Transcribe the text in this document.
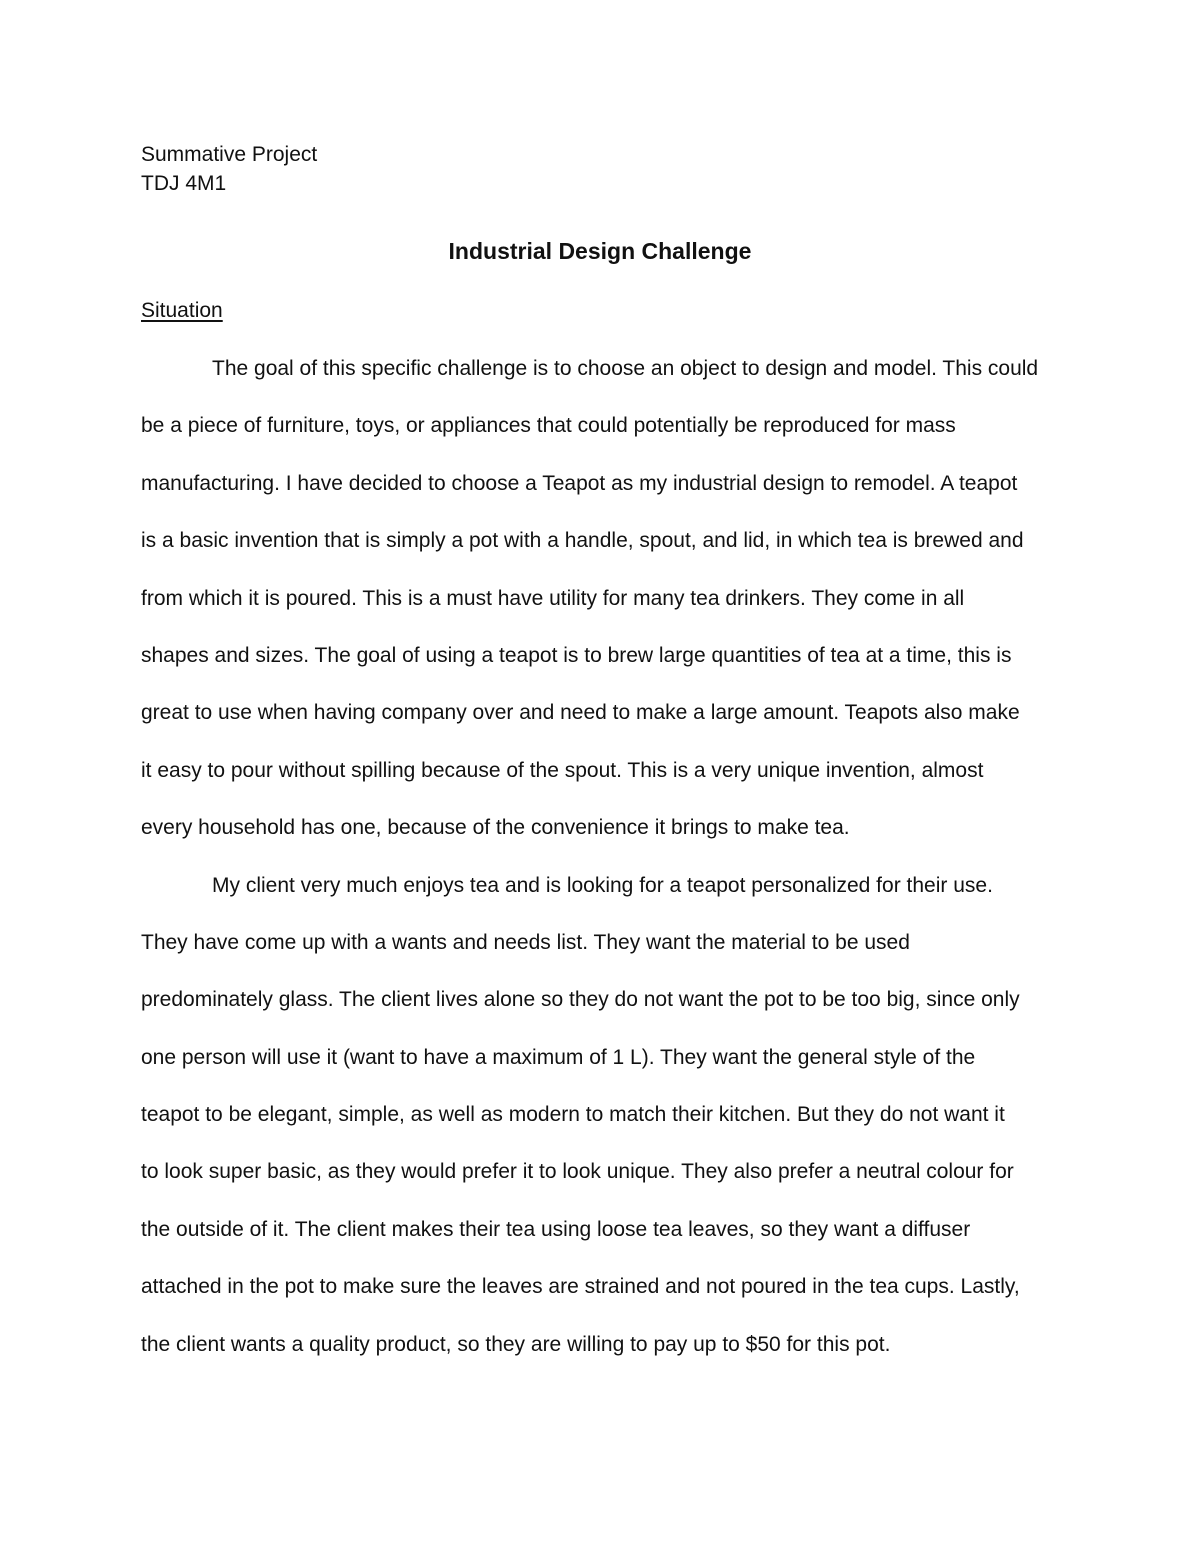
Summative Project
TDJ 4M1
Industrial Design Challenge
Situation
The goal of this specific challenge is to choose an object to design and model. This could
be a piece of furniture, toys, or appliances that could potentially be reproduced for mass
manufacturing. I have decided to choose a Teapot as my industrial design to remodel. A teapot
is a basic invention that is simply a pot with a handle, spout, and lid, in which tea is brewed and
from which it is poured. This is a must have utility for many tea drinkers. They come in all
shapes and sizes. The goal of using a teapot is to brew large quantities of tea at a time, this is
great to use when having company over and need to make a large amount. Teapots also make
it easy to pour without spilling because of the spout. This is a very unique invention, almost
every household has one, because of the convenience it brings to make tea.
My client very much enjoys tea and is looking for a teapot personalized for their use.
They have come up with a wants and needs list. They want the material to be used
predominately glass. The client lives alone so they do not want the pot to be too big, since only
one person will use it (want to have a maximum of 1 L). They want the general style of the
teapot to be elegant, simple, as well as modern to match their kitchen. But they do not want it
to look super basic, as they would prefer it to look unique. They also prefer a neutral colour for
the outside of it. The client makes their tea using loose tea leaves, so they want a diffuser
attached in the pot to make sure the leaves are strained and not poured in the tea cups. Lastly,
the client wants a quality product, so they are willing to pay up to $50 for this pot.
